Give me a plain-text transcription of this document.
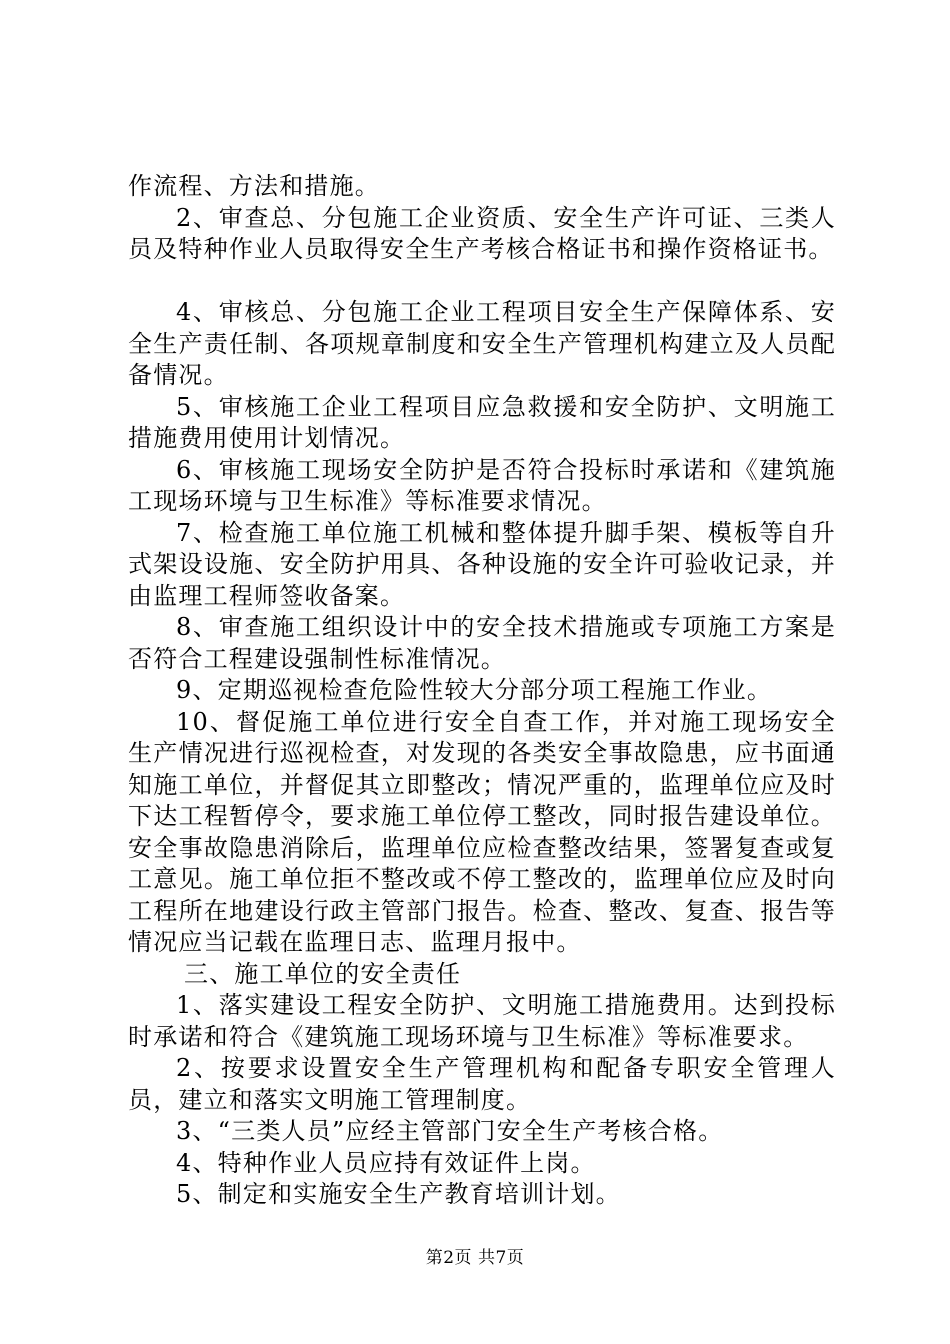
作流程、方法和措施。

2、审查总、分包施工企业资质、安全生产许可证、三类人员及特种作业人员取得安全生产考核合格证书和操作资格证书。

4、审核总、分包施工企业工程项目安全生产保障体系、安全生产责任制、各项规章制度和安全生产管理机构建立及人员配备情况。

5、审核施工企业工程项目应急救援和安全防护、文明施工措施费用使用计划情况。

6、审核施工现场安全防护是否符合投标时承诺和《建筑施工现场环境与卫生标准》等标准要求情况。

7、检查施工单位施工机械和整体提升脚手架、模板等自升式架设设施、安全防护用具、各种设施的安全许可验收记录，并由监理工程师签收备案。

8、审查施工组织设计中的安全技术措施或专项施工方案是否符合工程建设强制性标准情况。

9、定期巡视检查危险性较大分部分项工程施工作业。

10、督促施工单位进行安全自查工作，并对施工现场安全生产情况进行巡视检查，对发现的各类安全事故隐患，应书面通知施工单位，并督促其立即整改；情况严重的，监理单位应及时下达工程暂停令，要求施工单位停工整改，同时报告建设单位。安全事故隐患消除后，监理单位应检查整改结果，签署复查或复工意见。施工单位拒不整改或不停工整改的，监理单位应及时向工程所在地建设行政主管部门报告。检查、整改、复查、报告等情况应当记载在监理日志、监理月报中。

三、施工单位的安全责任

1、落实建设工程安全防护、文明施工措施费用。达到投标时承诺和符合《建筑施工现场环境与卫生标准》等标准要求。

2、按要求设置安全生产管理机构和配备专职安全管理人员，建立和落实文明施工管理制度。

3、“三类人员”应经主管部门安全生产考核合格。

4、特种作业人员应持有效证件上岗。

5、制定和实施安全生产教育培训计划。

第2页 共7页
